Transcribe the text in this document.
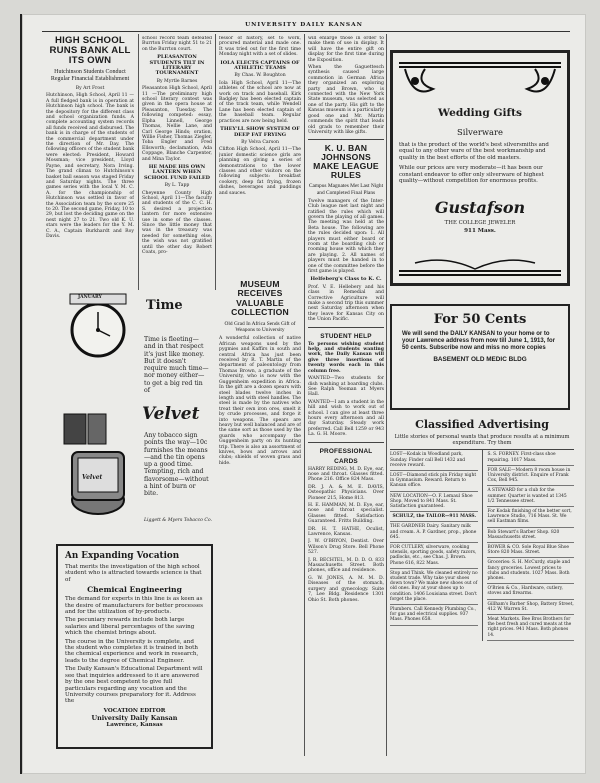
UNIVERSITY DAILY KANSAN
HIGH SCHOOL RUNS BANK ALL ITS OWN
Hutchinson Students Conduct Regular Financial Establishment
By Art Frost

Hutchinson, High School, April 11 —A full fledged bank is in operation at Hutchinson high school. The bank is the depository for the different class and school organization funds. A complete accounting system records all funds received and disbursed. The bank is in charge of the students of the commercial department under the direction of Mr. Day. The following officers of the student bank were elected: President, Howard Mossman; vice president, Lloyd Payne, and secretary, Nora Irving. The grand climax to Hutchinson's basket ball season was staged Friday and Saturday nights. The three games series with the local Y. M. C. A. for the championship of Hutchinson was settled in favor of the Association team by the score 25 to 20. The second game, Friday, 10 to 29, but lost the deciding game on the next night 27 to 21. Two old K. U. stars were the leaders for the Y. M. C. A., Captain Burkhardt and Roy Davis.

school record team defeated Burrton Friday night 51 to 21 on the Burrton court.

PLEASANTON STUDENTS TILT IN LITERARY TOURNAMENT
By Myrtle Barnes

Pleasanton High School, April 11 —The preliminary high school literary contest was given in the opera house at Pleasanton, Tuesday. The following competed: essay, Elpha Linnell, George Thomas, Nellie Lane, and Carl George Hinds; oration, Willie Fisher, Thomas Ziegler, Toba Engler and Fred Ellsworth; declamation, Ada Coppage, Blanche Carpenter, and Mina Taylor.

HE MADE HIS OWN LANTERN WHEN SCHOOL FUND FAILED
By L. Tapp

Cheyenne County High School, April 11—The faculty and students of the C. C. H. S. desired a projection lantern for more extensive use in some of the classes. Since the little money that was in the treasury was needed for something else, the wish was not gratified until the other day. Robert Coats, pro-

fessor of history, set to work, procured material and made one. It was tried out for the first time Monday night with a set of slides.

IOLA ELECTS CAPTAINS OF ATHLETIC TEAMS
By Chas. W. Boughton

Iola High School, April 11—The athletes of the school are now at work on track and baseball. Kirk Badgley has been elected captain of the track team, while Wendell Lane has been elected captain of the baseball team. Regular practices are now being held.

THEY'LL SHOW SYSTEM OF DEEP FAT FRYING
By Velva Carson

Clifton High School, April 11—The junior domestic science girls are planning on giving a series of demonstrations to the lower classes and other visitors on the following subjects: breakfast cookery, deep fat frying, frozen dishes, beverages and puddings and sauces.

will enlarge those in order to make them of use in display. It will have the entire gift on display for the first time during the Exposition.

When the Gaguettesch synthesis caused large commotion in German Africa they organized an exploring party and Brown, who is connected with the New York State museum, was selected as one of the party. His gift to the Kansas museum is a particularly good one and Mr. Martin commends the spirit that leads old grads to remember their University with like gifts.

K. U. BAN JOHNSONS MAKE LEAGUE RULES
Campus Magnates Met Last Night and Completed Final Plans

Twelve managers of the Inter-Club league met last night and ratified the rules which will govern the playing of all games. The meeting was held at the Beta house. The following are the rules decided upon: 1. All players must either board or room at the boarding club or rooming house with which they are playing. 2. All names of players must be handed in to one of the committee before the first game is played.

Helfeberg's Class to K. C.

Prof. V. E. Hellebery and his class in Remedial and Corrective Agriculture will make a second trip this summer next Saturday afternoon when they leave for Kansas City on the Union Pacific.

STUDENT HELP

To persons wishing student help, and students wanting work, the Daily Kansan will give three insertions of twenty words each in this column free.

WANTED—Two students for dish washing at boarding clubs. See Ralph Yeoman at Myers Hall.

WANTED—I am a student in the hill and wish to work out of school. I can give at least three hours every afternoon and all day Saturday. Steady work preferred. Call Bell 1259 or 943 La. G. H. Moore.

PROFESSIONAL CARDS

HARRY REDING, M. D. Eye, ear, nose and throat. Glasses fitted. Phone 216. Office 824 Mass.

DR. J. A. & M. E. DAVIS, Osteopathic Physicians. Over Pioneer 215, Home 813.

H. E. HAMMAN, M. D. Eye, ear, nose and throat specialist. Glasses fitted. Satisfaction Guaranteed. Fritts Building.

DR. H. T. HATHE, Oculist, Lawrence, Kansas.

J. W. O'BRYON, Dentist. Over Wilson's Drug Store. Bell Phone 527.

J. R. BECHTEL, M. D. D. O. 833 Massachusetts Street. Both phones, office and residence.

G. W. JONES, A. M. M. D. Diseases of the stomach, surgery and gynecology. Suite 7, Lee Bldg. Residence 1301 Ohio St. Both phones.

MUSEUM RECEIVES VALUABLE COLLECTION
Old Grad In Africa Sends Gift of Weapons to University

A wonderful collection of native African weapons used by the pygmies and Kaffirs in south and central Africa has just been received by R. T. Martin of the department of paleontology from Thomas Brown, a graduate of the University, who is now with the Guggenheim expedition in Africa. In the gift are a dozen spears with steel blades twelve inches in length and with steel handles. The steel is made by the natives who treat their own iron ores, smelt it by crude processes, and forge it into weapons. The spears are heavy but well balanced and are of the same sort as those used by the guards who accompany the Guggenheim party on its hunting trip. There is also an assortment of knives, bows and arrows and clubs; shields of woven grass and hide.

JANUARY
Time
Time is fleeting—and in that respect it's just like money. But it doesn't require much time—nor money either—to get a big red tin of
Velvet
Velvet
Any tobacco sign points the way—10c furnishes the means—and the tin opens up a good time. Tempting, rich and flavorsome—without a hint of burn or bite.
Liggett & Myers Tobacco Co.
An Expanding Vocation

That merits the investigation of the high school student who is attracted towards science is that of

Chemical Engineering

The demand for experts in this line is as keen as the desire of manufacturers for better processes and for the utilization of by-products.

The pecuniary rewards include both large salaries and liberal percentages of the saving which the chemist brings about.

The course in the University is complete, and the student who completes it is trained in both the chemical experience and work in research, leads to the degree of Chemical Engineer.

The Daily Kansan's Educational Department will see that inquiries addressed to it are answered by the one best competent to give full particulars regarding any vocation and the University courses preparatory for it. Address the

VOCATION EDITOR
University Daily Kansan
Lawrence, Kansas
Wedding Gifts
Silverware

that is the product of the world's best silversmiths and equal to any other ware of the best workmanship and quality in the best efforts of the old masters.

While our prices are very moderate—it has been our constant endeavor to offer only silverware of highest quality—without competition for enormous profits.

Gustafson
THE COLLEGE JEWELER
911 Mass.
For 50 Cents

We will send the DAILY KANSAN to your home or to your Lawrence address from now till June 1, 1913, for 50 cents. Subscribe now and miss no more copies

BASEMENT OLD MEDIC BLDG
Classified Advertising
Little stories of personal wants that produce results at a minimum expenditure. Try them
LOST—Kodak in Woodland park, Sunday. Finder call Bell 1432 and receive reward.
LOST—Diamond stick pin Friday night in Gymnasium. Reward. Return to Kansan office.
NEW LOCATION—O. F. Lemaul Shoe Shop. Moved to 841 Mass. St. Satisfaction guaranteed.
SCHULZ, the TAILOR—911 MASS.
THE GARDNER Dairy. Sanitary milk and cream. A. P. Gardner, prop., phone 645.
FOR CUTLERY, silverware, cooking utensils, sporting goods, safety razors, padlocks, etc., see Chas. J. Brown. Phone 616, 822 Mass.
Stop and Think. We cleaned entirely no student trade. Why take your shoes down town? We make new shoes out of old ones. Buy at your shoes up to condition. 1406 Louisiana street. Don't forget the place.
Plumbers. Call Kennedy Plumbing Co., for gas and electrical supplies. 937 Mass. Phones 658.
S. S. FORNEY. First-class shoe repairing. 1017 Mass.
FOR SALE—Modern 8 room house in University district. Enquire of Frank Cox, Bell 945.
A STEWARD for a club for the summer. Quarter is wanted at 1345 1/2 Tennessee street.
For Kodak finishing of the better sort, Lawrence Studio, 716 Mass. St. We sell Eastman films.
Bob Stewart's Barber Shop. 820 Massachusetts street.
BOWER & CO. Sole Royal Blue Shoe Store 820 Mass. Street.
Groceries: S. H. McCurdy, staple and fancy groceries. Lowest prices to clubs and students. 1027 Mass. Both phones.
O'Brien & Co., Hardware, cutlery, stoves and firearms.
Gillham's Barber Shop, Battery Street, 412 W. Warren St.
Meat Markets. Bee Bros Brothers for the best fresh and cured meats at the right prices. 941 Mass. Both phones 14.
